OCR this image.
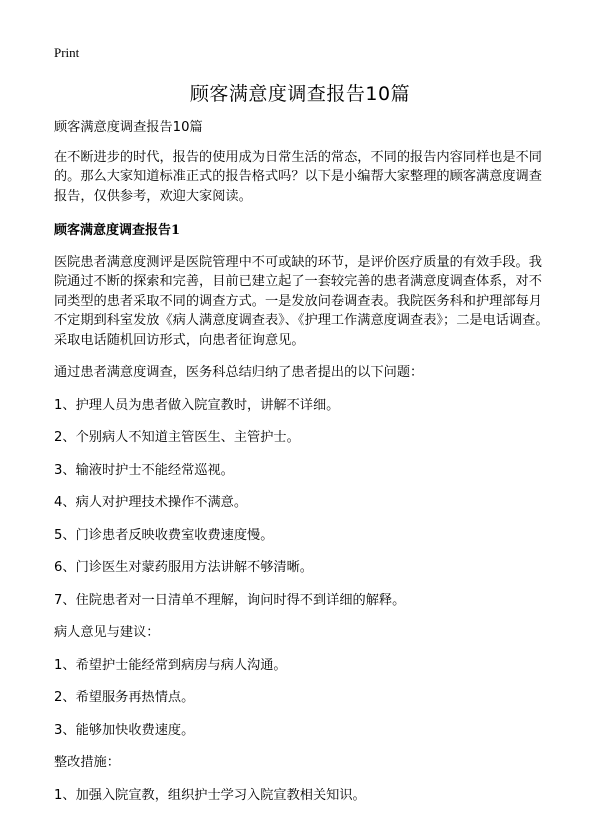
Print
顾客满意度调查报告10篇

顾客满意度调查报告10篇

在不断进步的时代，报告的使用成为日常生活的常态，不同的报告内容同样也是不同的。那么大家知道标准正式的报告格式吗？以下是小编帮大家整理的顾客满意度调查报告，仅供参考，欢迎大家阅读。

顾客满意度调查报告1

医院患者满意度测评是医院管理中不可或缺的环节，是评价医疗质量的有效手段。我院通过不断的探索和完善，目前已建立起了一套较完善的患者满意度调查体系，对不同类型的患者采取不同的调查方式。一是发放问卷调查表。我院医务科和护理部每月不定期到科室发放《病人满意度调查表》、《护理工作满意度调查表》；二是电话调查。采取电话随机回访形式，向患者征询意见。

通过患者满意度调查，医务科总结归纳了患者提出的以下问题：

1、护理人员为患者做入院宣教时，讲解不详细。

2、个别病人不知道主管医生、主管护士。

3、输液时护士不能经常巡视。

4、病人对护理技术操作不满意。

5、门诊患者反映收费室收费速度慢。

6、门诊医生对蒙药服用方法讲解不够清晰。

7、住院患者对一日清单不理解，询问时得不到详细的解释。

病人意见与建议：

1、希望护士能经常到病房与病人沟通。

2、希望服务再热情点。

3、能够加快收费速度。

整改措施：

1、加强入院宣教，组织护士学习入院宣教相关知识。
